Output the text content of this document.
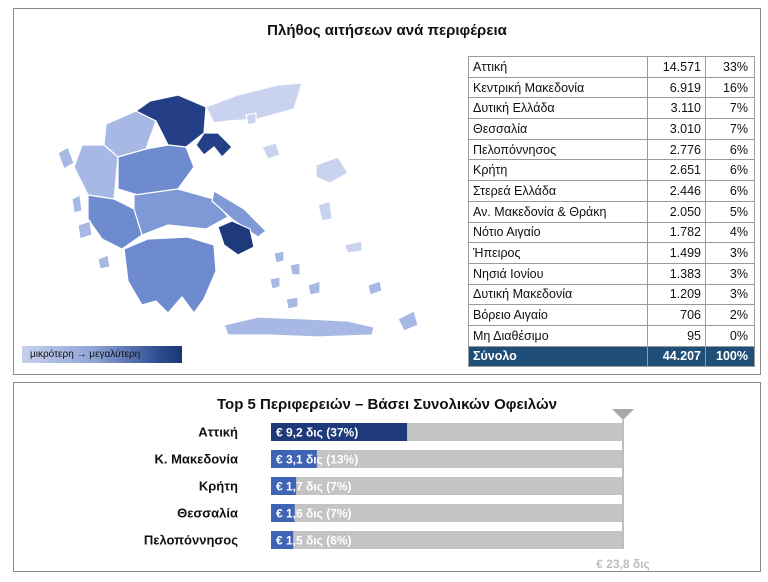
Πλήθος αιτήσεων ανά περιφέρεια
μικρότερη → μεγαλύτερη
Αττική	14.571	33%
Κεντρική Μακεδονία	6.919	16%
Δυτική Ελλάδα	3.110	7%
Θεσσαλία	3.010	7%
Πελοπόννησος	2.776	6%
Κρήτη	2.651	6%
Στερεά Ελλάδα	2.446	6%
Αν. Μακεδονία & Θράκη	2.050	5%
Νότιο Αιγαίο	1.782	4%
Ήπειρος	1.499	3%
Νησιά Ιονίου	1.383	3%
Δυτική Μακεδονία	1.209	3%
Βόρειο Αιγαίο	706	2%
Μη Διαθέσιμο	95	0%
Σύνολο	44.207	100%
Top 5 Περιφερειών – Βάσει Συνολικών Οφειλών
€ 9,2 δις (37%)
Αττική
€ 3,1 δις (13%)
Κ. Μακεδονία
€ 1,7 δις (7%)
Κρήτη
€ 1,6 δις (7%)
Θεσσαλία
€ 1,5 δις (6%)
Πελοπόννησος
€ 23,8 δις
